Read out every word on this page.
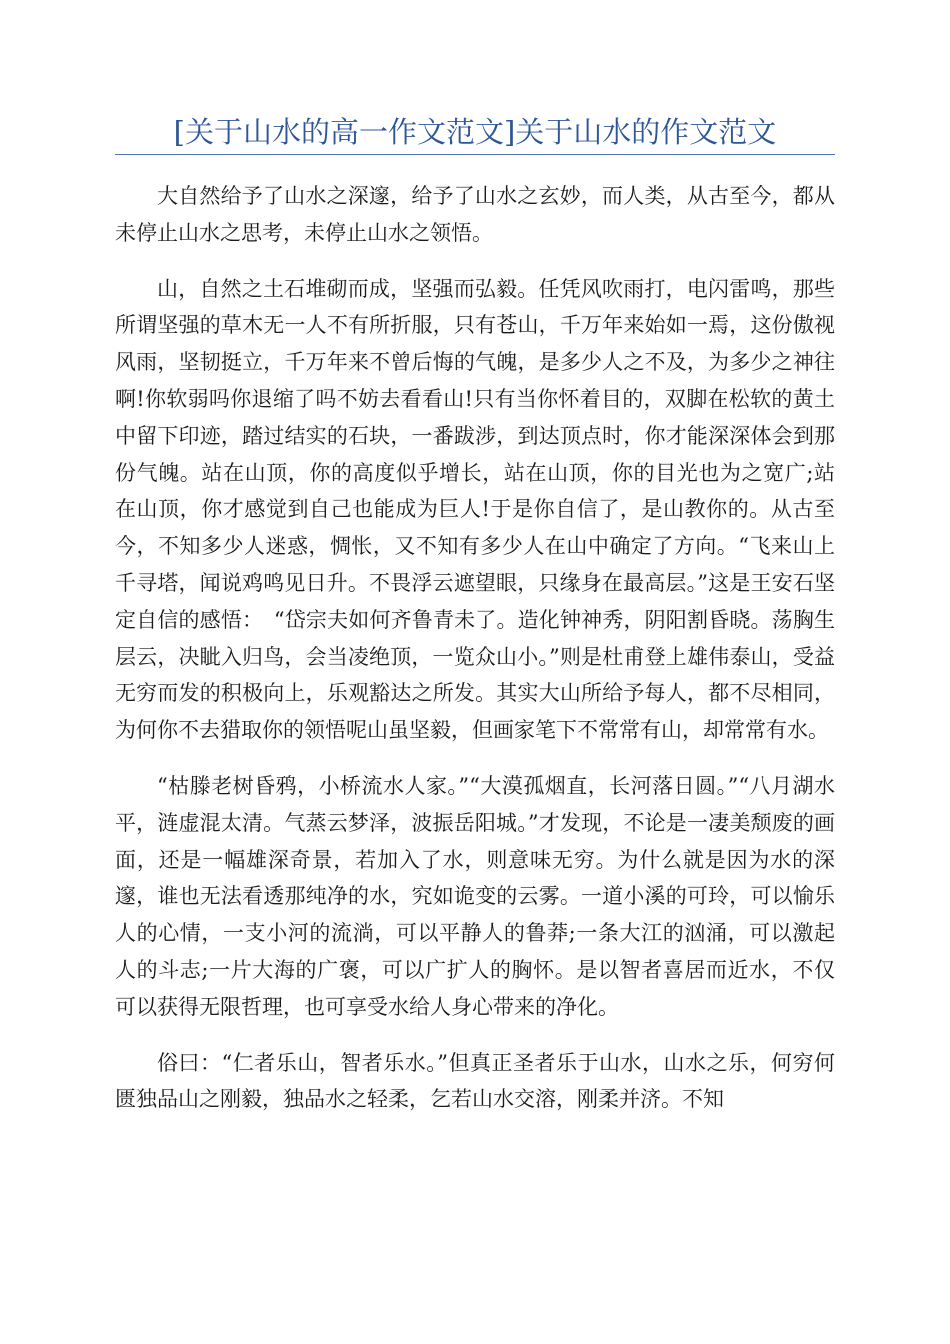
[关于山水的高一作文范文]关于山水的作文范文

大自然给予了山水之深邃，给予了山水之玄妙，而人类，从古至今，都从未停止山水之思考，未停止山水之领悟。

山，自然之土石堆砌而成，坚强而弘毅。任凭风吹雨打，电闪雷鸣，那些所谓坚强的草木无一人不有所折服，只有苍山，千万年来始如一焉，这份傲视风雨，坚韧挺立，千万年来不曾后悔的气魄，是多少人之不及，为多少之神往啊!你软弱吗你退缩了吗不妨去看看山!只有当你怀着目的，双脚在松软的黄土中留下印迹，踏过结实的石块，一番跋涉，到达顶点时，你才能深深体会到那份气魄。站在山顶，你的高度似乎增长，站在山顶，你的目光也为之宽广;站在山顶，你才感觉到自己也能成为巨人!于是你自信了，是山教你的。从古至今，不知多少人迷惑，惆怅，又不知有多少人在山中确定了方向。“飞来山上千寻塔，闻说鸡鸣见日升。不畏浮云遮望眼，只缘身在最高层。”这是王安石坚定自信的感悟：　“岱宗夫如何齐鲁青未了。造化钟神秀，阴阳割昏晓。荡胸生层云，决眦入归鸟，会当凌绝顶，一览众山小。”则是杜甫登上雄伟泰山，受益无穷而发的积极向上，乐观豁达之所发。其实大山所给予每人，都不尽相同，为何你不去猎取你的领悟呢山虽坚毅，但画家笔下不常常有山，却常常有水。

“枯滕老树昏鸦，小桥流水人家。”“大漠孤烟直，长河落日圆。”“八月湖水平，涟虚混太清。气蒸云梦泽，波振岳阳城。”才发现，不论是一凄美颓废的画面，还是一幅雄深奇景，若加入了水，则意味无穷。为什么就是因为水的深邃，谁也无法看透那纯净的水，究如诡变的云雾。一道小溪的可玲，可以愉乐人的心情，一支小河的流淌，可以平静人的鲁莽;一条大江的汹涌，可以激起人的斗志;一片大海的广褒，可以广扩人的胸怀。是以智者喜居而近水，不仅可以获得无限哲理，也可享受水给人身心带来的净化。

俗曰：“仁者乐山，智者乐水。”但真正圣者乐于山水，山水之乐，何穷何匮独品山之刚毅，独品水之轻柔，乞若山水交溶，刚柔并济。不知
